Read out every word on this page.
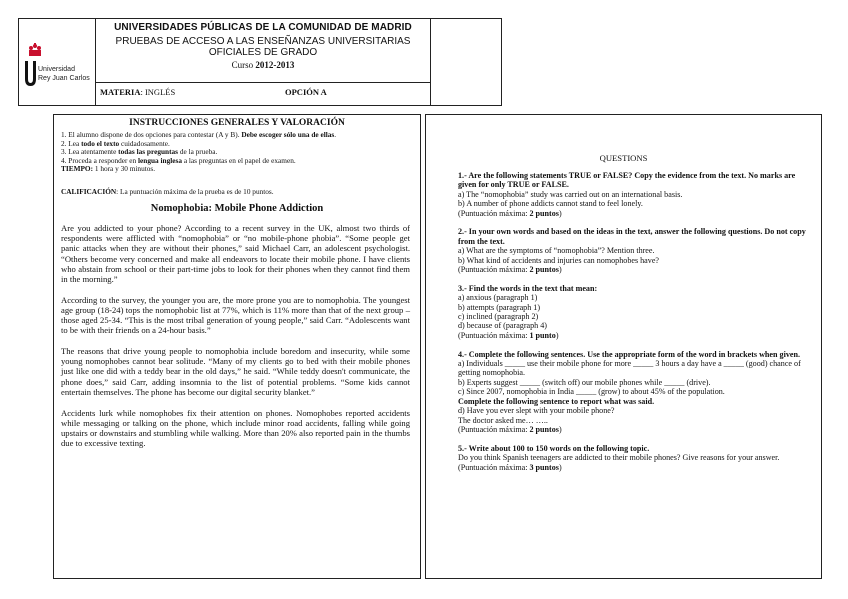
Universidad
Rey Juan Carlos
UNIVERSIDADES PÚBLICAS DE LA COMUNIDAD DE MADRID
PRUEBAS DE ACCESO A LAS ENSEÑANZAS UNIVERSITARIAS
OFICIALES DE GRADO
Curso 2012-2013
MATERIA: INGLÉS	OPCIÓN A
INSTRUCCIONES GENERALES Y VALORACIÓN
1. El alumno dispone de dos opciones para contestar (A y B). Debe escoger sólo una de ellas.
2. Lea todo el texto cuidadosamente.
3. Lea atentamente todas las preguntas de la prueba.
4. Proceda a responder en lengua inglesa a las preguntas en el papel de examen.
TIEMPO: 1 hora y 30 minutos.
CALIFICACIÓN: La puntuación máxima de la prueba es de 10 puntos.
Nomophobia: Mobile Phone Addiction

Are you addicted to your phone? According to a recent survey in the UK, almost two thirds of respondents were afflicted with “nomophobia” or “no mobile-phone phobia”. “Some people get panic attacks when they are without their phones,” said Michael Carr, an adolescent psychologist. “Others become very concerned and make all endeavors to locate their mobile phone. I have clients who abstain from school or their part-time jobs to look for their phones when they cannot find them in the morning.”

According to the survey, the younger you are, the more prone you are to nomophobia. The youngest age group (18-24) tops the nomophobic list at 77%, which is 11% more than that of the next group – those aged 25-34. “This is the most tribal generation of young people,” said Carr. “Adolescents want to be with their friends on a 24-hour basis.”

The reasons that drive young people to nomophobia include boredom and insecurity, while some young nomophobes cannot bear solitude. “Many of my clients go to bed with their mobile phones just like one did with a teddy bear in the old days,” he said. “While teddy doesn't communicate, the phone does,” said Carr, adding insomnia to the list of potential problems. “Some kids cannot entertain themselves. The phone has become our digital security blanket.”

Accidents lurk while nomophobes fix their attention on phones. Nomophobes reported accidents while messaging or talking on the phone, which include minor road accidents, falling while going upstairs or downstairs and stumbling while walking. More than 20% also reported pain in the thumbs due to excessive texting.

QUESTIONS
1.- Are the following statements TRUE or FALSE? Copy the evidence from the text. No marks are given for only TRUE or FALSE.
a) The “nomophobia” study was carried out on an international basis.
b) A number of phone addicts cannot stand to feel lonely.
(Puntuación máxima: 2 puntos)
2.- In your own words and based on the ideas in the text, answer the following questions. Do not copy from the text.
a) What are the symptoms of “nomophobia”? Mention three.
b) What kind of accidents and injuries can nomophobes have?
(Puntuación máxima: 2 puntos)
3.- Find the words in the text that mean:
a) anxious (paragraph 1)
b) attempts (paragraph 1)
c) inclined (paragraph 2)
d) because of (paragraph 4)
(Puntuación máxima: 1 punto)
4.- Complete the following sentences. Use the appropriate form of the word in brackets when given.
a) Individuals _____ use their mobile phone for more _____ 3 hours a day have a _____ (good) chance of getting nomophobia.
b) Experts suggest _____ (switch off) our mobile phones while _____ (drive).
c) Since 2007, nomophobia in India _____ (grow) to about 45% of the population.
Complete the following sentence to report what was said.
d) Have you ever slept with your mobile phone?
The doctor asked me… …..
(Puntuación máxima: 2 puntos)
5.- Write about 100 to 150 words on the following topic.
Do you think Spanish teenagers are addicted to their mobile phones? Give reasons for your answer.
(Puntuación máxima: 3 puntos)
